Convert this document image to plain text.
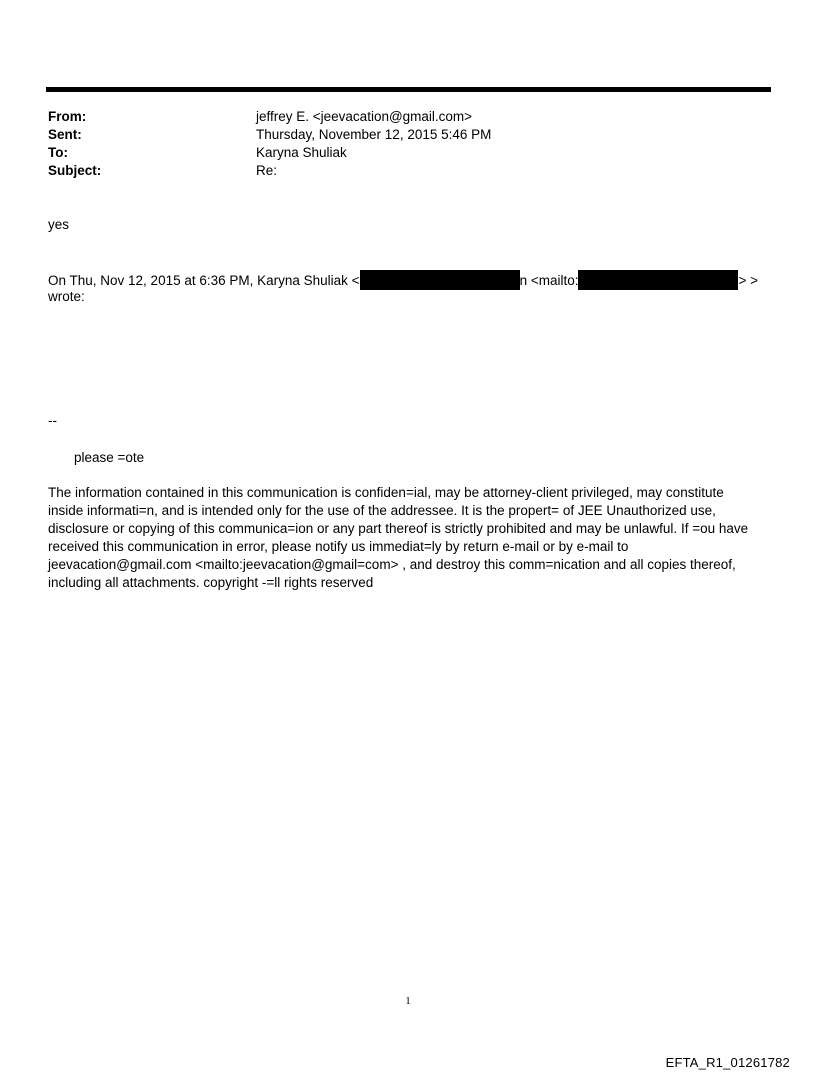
From:	jeffrey E. <jeevacation@gmail.com>
Sent:	Thursday, November 12, 2015 5:46 PM
To:	Karyna Shuliak
Subject:	Re:
yes
On Thu, Nov 12, 2015 at 6:36 PM, Karyna Shuliak <	n <mailto:	> >
wrote:
--
please =ote
The information contained in this communication is confiden=ial, may be attorney-client privileged, may constitute
inside informati=n, and is intended only for the use of the addressee. It is the propert= of JEE Unauthorized use,
disclosure or copying of this communica=ion or any part thereof is strictly prohibited and may be unlawful. If =ou have
received this communication in error, please notify us immediat=ly by return e-mail or by e-mail to
jeevacation@gmail.com <mailto:jeevacation@gmail=com> , and destroy this comm=nication and all copies thereof,
including all attachments. copyright -=ll rights reserved
1
EFTA_R1_01261782
